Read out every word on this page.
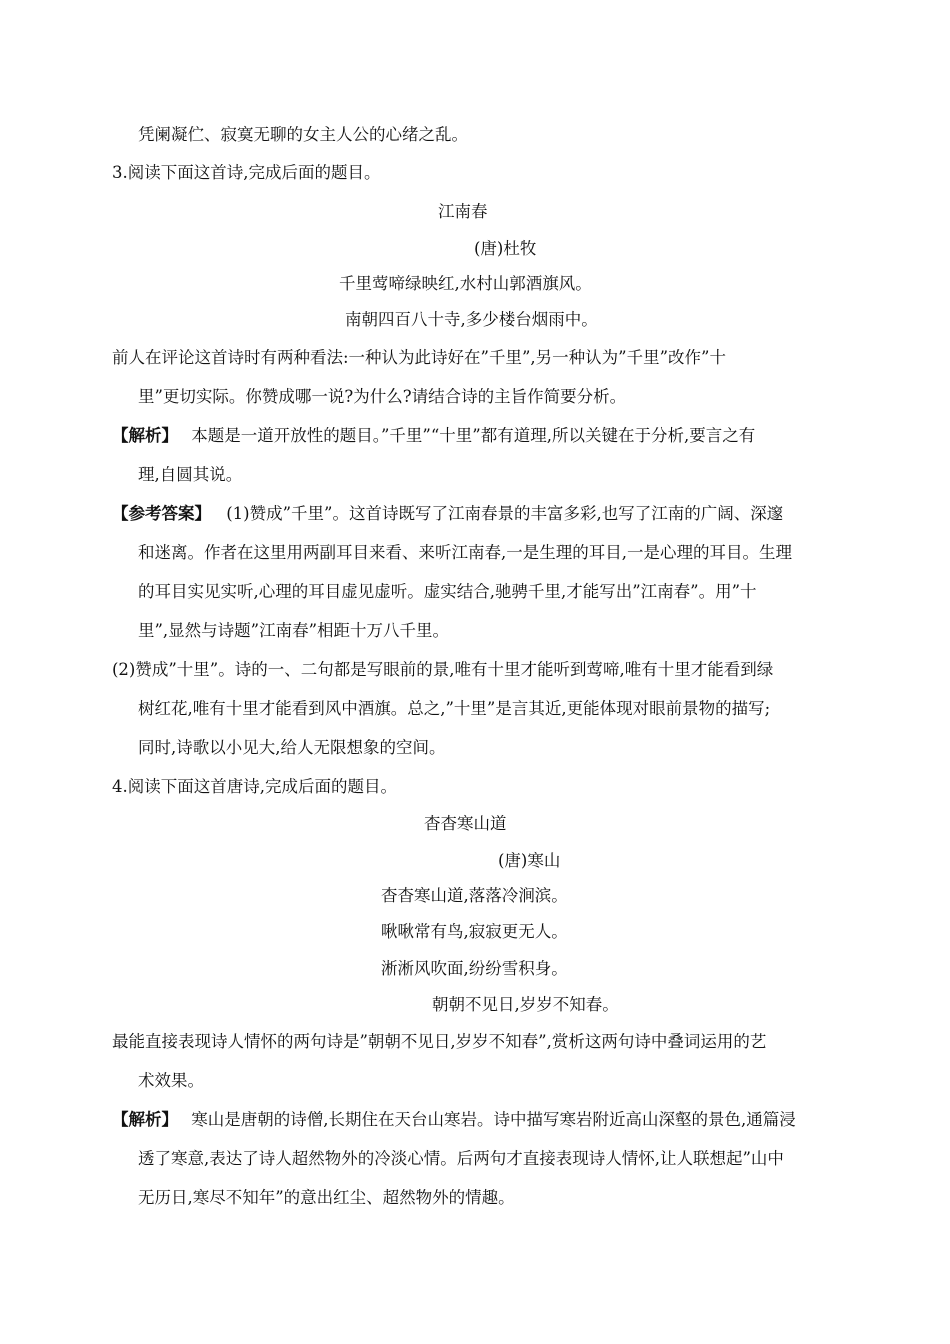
凭阑凝伫、寂寞无聊的女主人公的心绪之乱。
3.阅读下面这首诗,完成后面的题目。
江南春
(唐)杜牧
千里莺啼绿映红,水村山郭酒旗风。
南朝四百八十寺,多少楼台烟雨中。
前人在评论这首诗时有两种看法:一种认为此诗好在”千里”,另一种认为”千里”改作”十
里”更切实际。你赞成哪一说?为什么?请结合诗的主旨作简要分析。
【解析】 本题是一道开放性的题目。”千里”“十里”都有道理,所以关键在于分析,要言之有
理,自圆其说。
【参考答案】 (1)赞成”千里”。这首诗既写了江南春景的丰富多彩,也写了江南的广阔、深邃
和迷离。作者在这里用两副耳目来看、来听江南春,一是生理的耳目,一是心理的耳目。生理
的耳目实见实听,心理的耳目虚见虚听。虚实结合,驰骋千里,才能写出”江南春”。用”十
里”,显然与诗题”江南春”相距十万八千里。
(2)赞成”十里”。诗的一、二句都是写眼前的景,唯有十里才能听到莺啼,唯有十里才能看到绿
树红花,唯有十里才能看到风中酒旗。总之,”十里”是言其近,更能体现对眼前景物的描写;
同时,诗歌以小见大,给人无限想象的空间。
4.阅读下面这首唐诗,完成后面的题目。
杳杳寒山道
(唐)寒山
杳杳寒山道,落落冷涧滨。
啾啾常有鸟,寂寂更无人。
淅淅风吹面,纷纷雪积身。
朝朝不见日,岁岁不知春。
最能直接表现诗人情怀的两句诗是”朝朝不见日,岁岁不知春”,赏析这两句诗中叠词运用的艺
术效果。
【解析】 寒山是唐朝的诗僧,长期住在天台山寒岩。诗中描写寒岩附近高山深壑的景色,通篇浸
透了寒意,表达了诗人超然物外的冷淡心情。后两句才直接表现诗人情怀,让人联想起”山中
无历日,寒尽不知年”的意出红尘、超然物外的情趣。
